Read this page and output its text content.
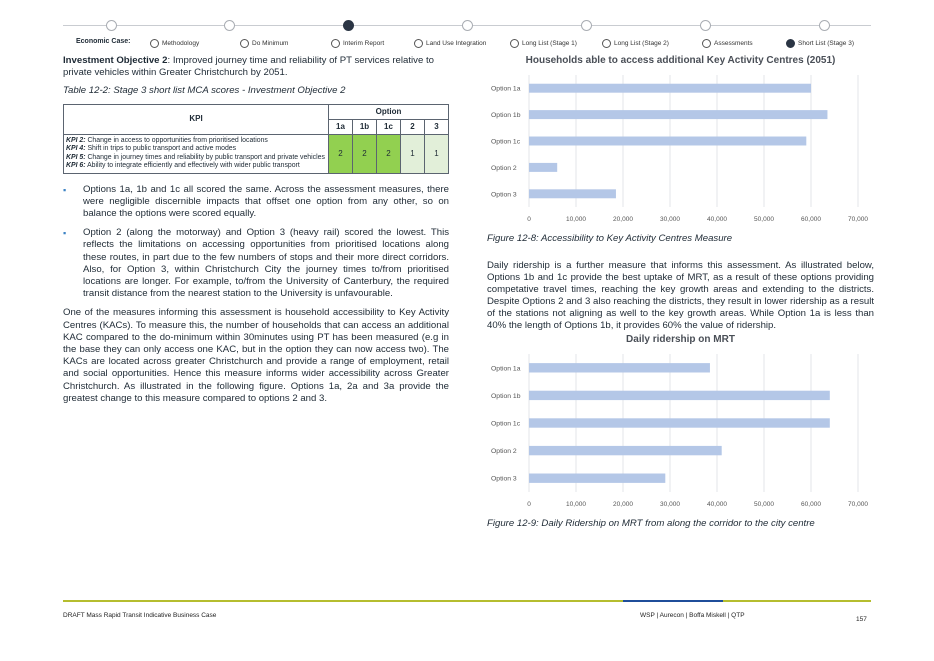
Economic Case:	Methodology	Do Minimum	Interim Report	Land Use Integration	Long List (Stage 1)	Long List (Stage 2)	Assessments	Short List (Stage 3)

Investment Objective 2: Improved journey time and reliability of PT services relative to private vehicles within Greater Christchurch by 2051.

Table 12-2: Stage 3 short list MCA scores - Investment Objective 2
KPI	Option				
	1a	1b	1c	2	3

KPI 2: Change in access to opportunities from prioritised locations
KPI 4: Shift in trips to public transport and active modes
KPI 5: Change in journey times and reliability by public transport and private vehicles
KPI 6: Ability to integrate efficiently and effectively with wider public transport	2	2	2	1	1
▪ Options 1a, 1b and 1c all scored the same. Across the assessment measures, there were negligible discernible impacts that offset one option from any other, so on balance the options were scored equally.
▪ Option 2 (along the motorway) and Option 3 (heavy rail) scored the lowest. This reflects the limitations on accessing opportunities from prioritised locations along these routes, in part due to the few numbers of stops and their more direct corridors. Also, for Option 3, within Christchurch City the journey times to/from prioritised locations are longer. For example, to/from the University of Canterbury, the required transit distance from the nearest station to the University is unfavourable.

One of the measures informing this assessment is household accessibility to Key Activity Centres (KACs). To measure this, the number of households that can access an additional KAC compared to the do-minimum within 30minutes using PT has been measured (e.g in the base they can only access one KAC, but in the option they can now access two). The KACs are located across greater Christchurch and provide a range of employment, retail and social opportunities. Hence this measure informs wider accessibility across Greater Christchurch. As illustrated in the following figure. Options 1a, 2a and 3a provide the greatest change to this measure compared to options 2 and 3.

Households able to access additional Key Activity Centres (2051)
0	10,000	20,000	30,000	40,000	50,000	60,000	70,000
Option 1a
Option 1b
Option 1c
Option 2
Option 3
Figure 12-8: Accessibility to Key Activity Centres Measure

Daily ridership is a further measure that informs this assessment. As illustrated below, Options 1b and 1c provide the best uptake of MRT, as a result of these options providing competative travel times, reaching the key growth areas and extending to the districts. Despite Options 2 and 3 also reaching the districts, they result in lower ridership as a result of the stations not aligning as well to the key growth areas. While Option 1a is less than 40% the length of Options 1b, it provides 60% the value of ridership.

Daily ridership on MRT
0	10,000	20,000	30,000	40,000	50,000	60,000	70,000
Option 1a
Option 1b
Option 1c
Option 2
Option 3
Figure 12-9: Daily Ridership on MRT from along the corridor to the city centre
DRAFT Mass Rapid Transit Indicative Business Case	WSP | Aurecon | Boffa Miskell | QTP
157
